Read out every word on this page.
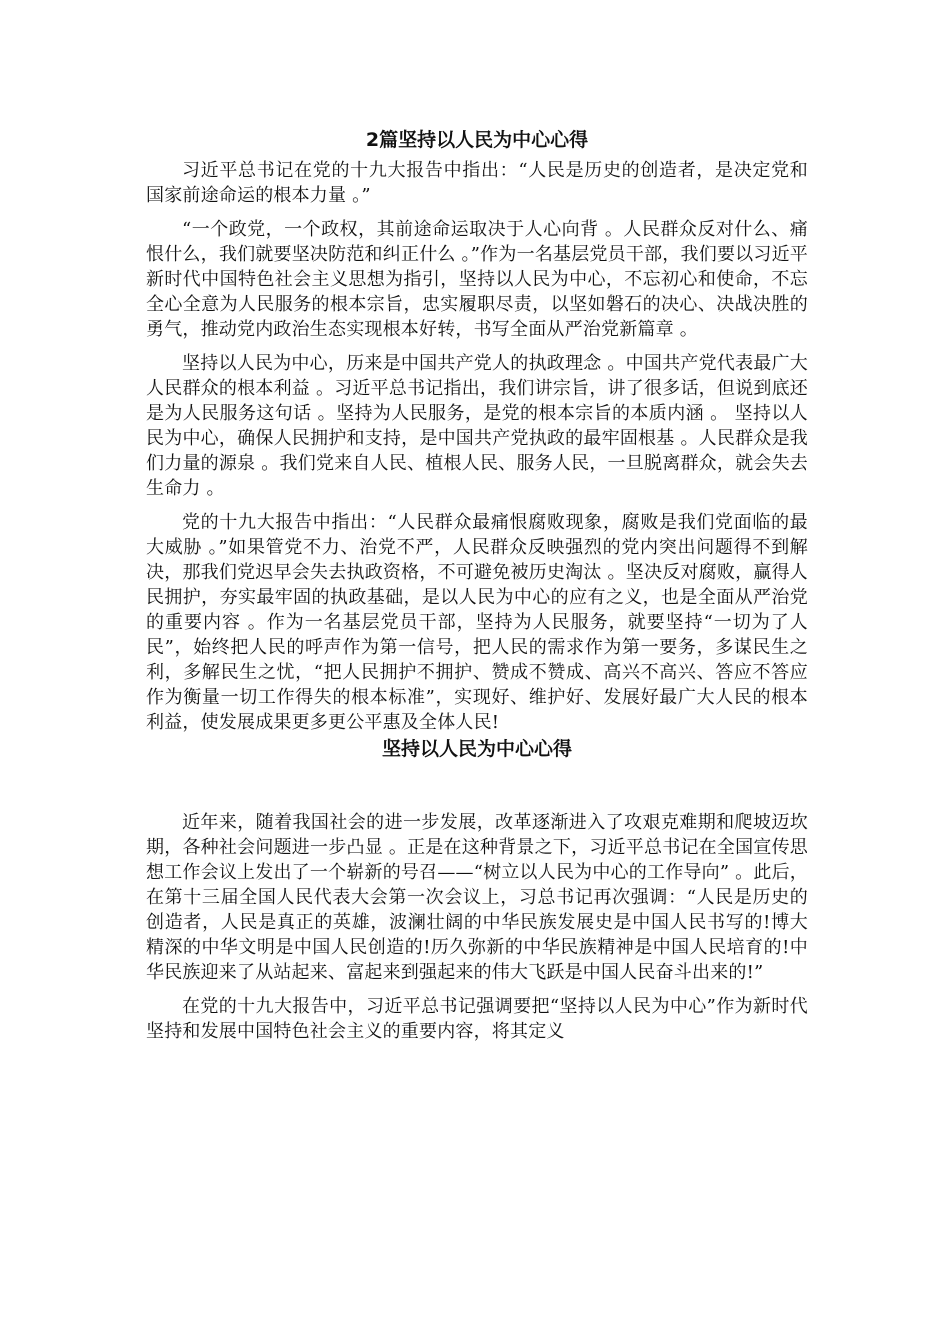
2篇坚持以人民为中心心得

习近平总书记在党的十九大报告中指出：“人民是历史的创造者，是决定党和国家前途命运的根本力量 。”

“一个政党，一个政权，其前途命运取决于人心向背 。人民群众反对什么、痛恨什么，我们就要坚决防范和纠正什么 。”作为一名基层党员干部，我们要以习近平新时代中国特色社会主义思想为指引，坚持以人民为中心，不忘初心和使命，不忘全心全意为人民服务的根本宗旨，忠实履职尽责，以坚如磐石的决心、决战决胜的勇气，推动党内政治生态实现根本好转，书写全面从严治党新篇章 。

坚持以人民为中心，历来是中国共产党人的执政理念 。中国共产党代表最广大人民群众的根本利益 。习近平总书记指出，我们讲宗旨，讲了很多话，但说到底还是为人民服务这句话 。坚持为人民服务，是党的根本宗旨的本质内涵 。 坚持以人民为中心，确保人民拥护和支持，是中国共产党执政的最牢固根基 。人民群众是我们力量的源泉 。我们党来自人民、植根人民、服务人民，一旦脱离群众，就会失去生命力 。

党的十九大报告中指出：“人民群众最痛恨腐败现象，腐败是我们党面临的最大威胁 。”如果管党不力、治党不严，人民群众反映强烈的党内突出问题得不到解决，那我们党迟早会失去执政资格，不可避免被历史淘汰 。坚决反对腐败，赢得人民拥护，夯实最牢固的执政基础，是以人民为中心的应有之义，也是全面从严治党的重要内容 。作为一名基层党员干部，坚持为人民服务，就要坚持“一切为了人民”，始终把人民的呼声作为第一信号，把人民的需求作为第一要务，多谋民生之利，多解民生之忧，“把人民拥护不拥护、赞成不赞成、高兴不高兴、答应不答应作为衡量一切工作得失的根本标准”，实现好、维护好、发展好最广大人民的根本利益，使发展成果更多更公平惠及全体人民!

坚持以人民为中心心得

近年来，随着我国社会的进一步发展，改革逐渐进入了攻艰克难期和爬坡迈坎期，各种社会问题进一步凸显 。正是在这种背景之下，习近平总书记在全国宣传思想工作会议上发出了一个崭新的号召——“树立以人民为中心的工作导向” 。此后，在第十三届全国人民代表大会第一次会议上，习总书记再次强调：“人民是历史的创造者，人民是真正的英雄，波澜壮阔的中华民族发展史是中国人民书写的!博大精深的中华文明是中国人民创造的!历久弥新的中华民族精神是中国人民培育的!中华民族迎来了从站起来、富起来到强起来的伟大飞跃是中国人民奋斗出来的!”

在党的十九大报告中，习近平总书记强调要把“坚持以人民为中心”作为新时代坚持和发展中国特色社会主义的重要内容，将其定义
